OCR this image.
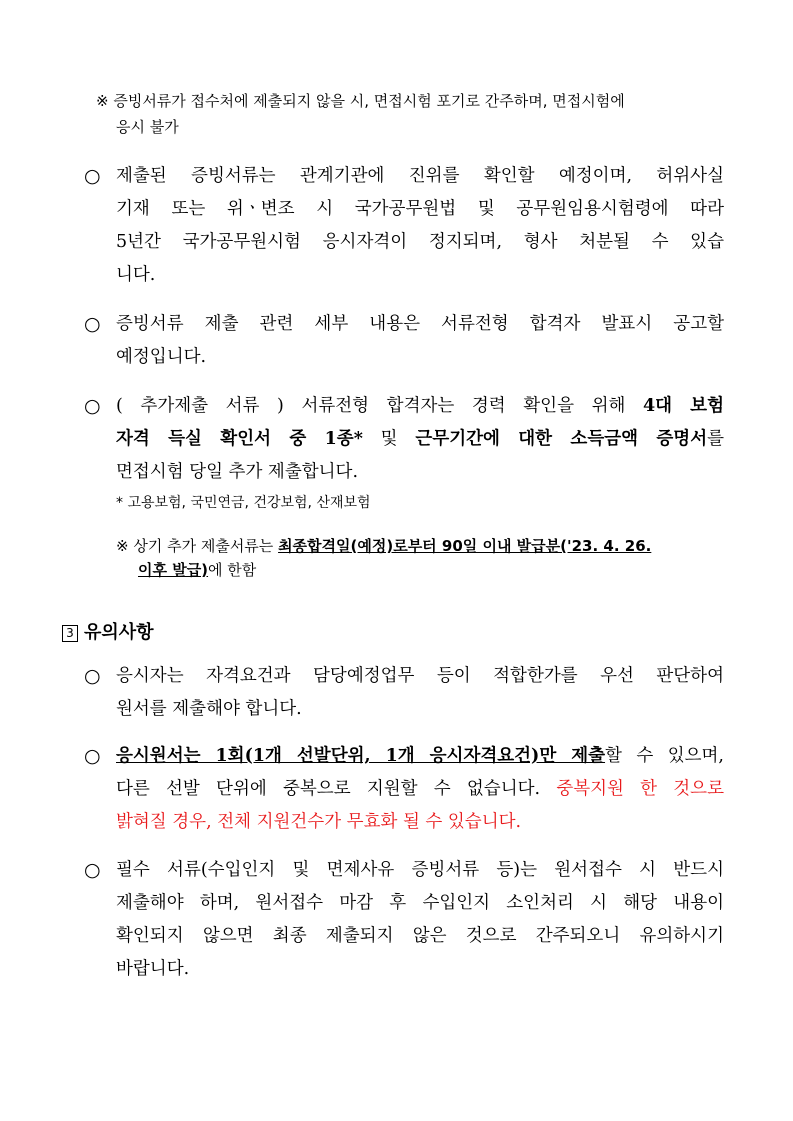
※ 증빙서류가 접수처에 제출되지 않을 시, 면접시험 포기로 간주하며, 면접시험에
응시 불가
○ 제출된 증빙서류는 관계기관에 진위를 확인할 예정이며, 허위사실
기재 또는 위ㆍ변조 시 국가공무원법 및 공무원임용시험령에 따라
5년간 국가공무원시험 응시자격이 정지되며, 형사 처분될 수 있습
니다.
○ 증빙서류 제출 관련 세부 내용은 서류전형 합격자 발표시 공고할
예정입니다.
○ ( 추가제출 서류 ) 서류전형 합격자는 경력 확인을 위해 4대 보험
자격 득실 확인서 중 1종* 및 근무기간에 대한 소득금액 증명서를
면접시험 당일 추가 제출합니다.
* 고용보험, 국민연금, 건강보험, 산재보험
※ 상기 추가 제출서류는 최종합격일(예정)로부터 90일 이내 발급분('23. 4. 26.
이후 발급)에 한함
3 유의사항
○ 응시자는 자격요건과 담당예정업무 등이 적합한가를 우선 판단하여
원서를 제출해야 합니다.
○ 응시원서는 1회(1개 선발단위, 1개 응시자격요건)만 제출할 수 있으며,
다른 선발 단위에 중복으로 지원할 수 없습니다. 중복지원 한 것으로
밝혀질 경우, 전체 지원건수가 무효화 될 수 있습니다.
○ 필수 서류(수입인지 및 면제사유 증빙서류 등)는 원서접수 시 반드시
제출해야 하며, 원서접수 마감 후 수입인지 소인처리 시 해당 내용이
확인되지 않으면 최종 제출되지 않은 것으로 간주되오니 유의하시기
바랍니다.
